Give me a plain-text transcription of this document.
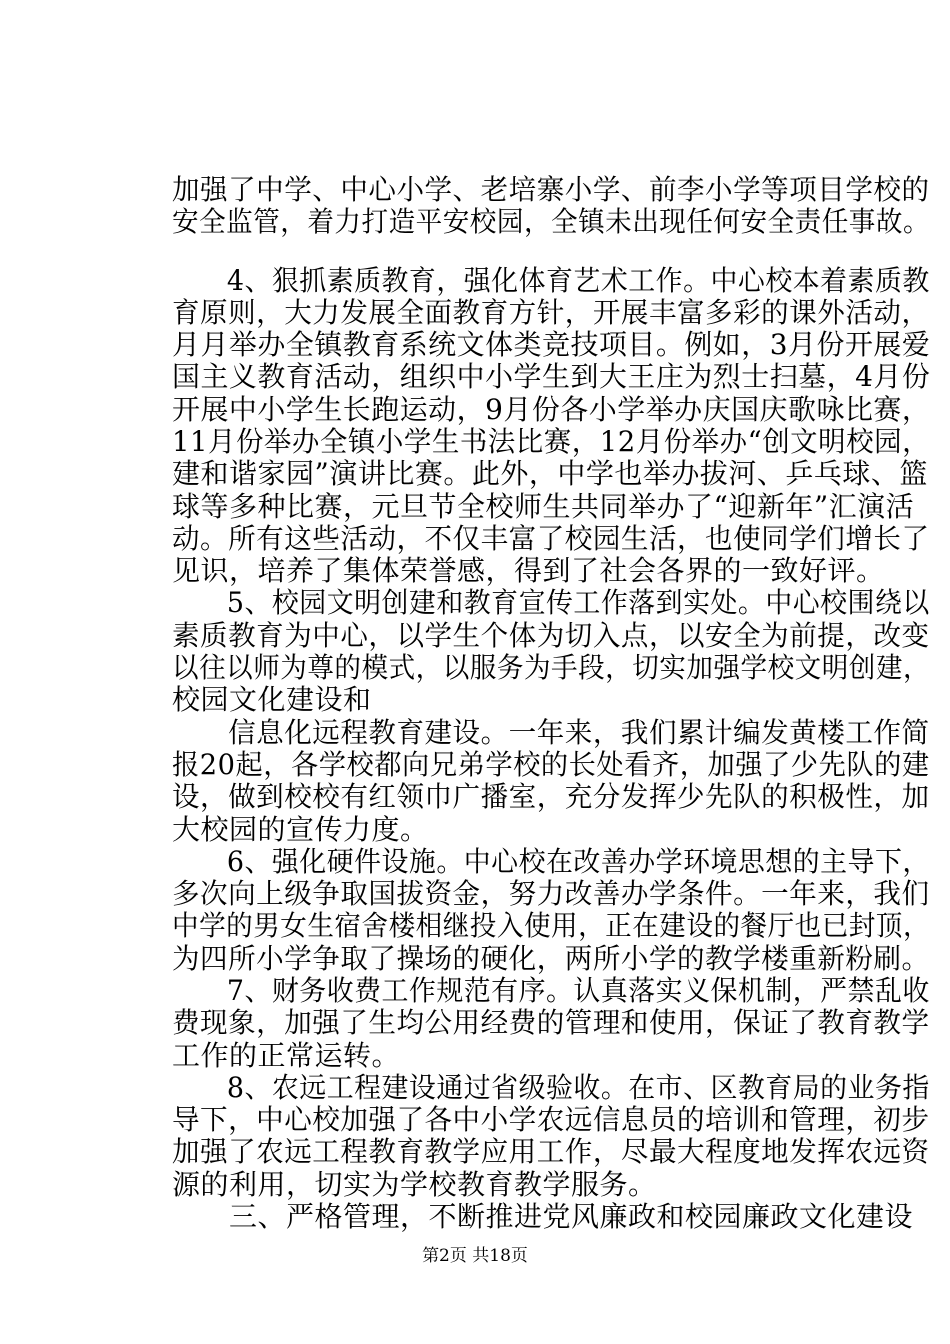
加强了中学、中心小学、老培寨小学、前李小学等项目学校的
安全监管，着力打造平安校园，全镇未出现任何安全责任事故。
　　4、狠抓素质教育，强化体育艺术工作。中心校本着素质教
育原则，大力发展全面教育方针，开展丰富多彩的课外活动，
月月举办全镇教育系统文体类竞技项目。例如，3月份开展爱
国主义教育活动，组织中小学生到大王庄为烈士扫墓，4月份
开展中小学生长跑运动，9月份各小学举办庆国庆歌咏比赛，
11月份举办全镇小学生书法比赛，12月份举办“创文明校园，
建和谐家园”演讲比赛。此外，中学也举办拔河、乒乓球、篮
球等多种比赛，元旦节全校师生共同举办了“迎新年”汇演活
动。所有这些活动，不仅丰富了校园生活，也使同学们增长了
见识，培养了集体荣誉感，得到了社会各界的一致好评。
　　5、校园文明创建和教育宣传工作落到实处。中心校围绕以
素质教育为中心，以学生个体为切入点，以安全为前提，改变
以往以师为尊的模式，以服务为手段，切实加强学校文明创建，
校园文化建设和
　　信息化远程教育建设。一年来，我们累计编发黄楼工作简
报20起，各学校都向兄弟学校的长处看齐，加强了少先队的建
设，做到校校有红领巾广播室，充分发挥少先队的积极性，加
大校园的宣传力度。
　　6、强化硬件设施。中心校在改善办学环境思想的主导下，
多次向上级争取国拔资金，努力改善办学条件。一年来，我们
中学的男女生宿舍楼相继投入使用，正在建设的餐厅也已封顶，
为四所小学争取了操场的硬化，两所小学的教学楼重新粉刷。
　　7、财务收费工作规范有序。认真落实义保机制，严禁乱收
费现象，加强了生均公用经费的管理和使用，保证了教育教学
工作的正常运转。
　　8、农远工程建设通过省级验收。在市、区教育局的业务指
导下，中心校加强了各中小学农远信息员的培训和管理，初步
加强了农远工程教育教学应用工作，尽最大程度地发挥农远资
源的利用，切实为学校教育教学服务。
　　三、严格管理，不断推进党风廉政和校园廉政文化建设
第2页 共18页
